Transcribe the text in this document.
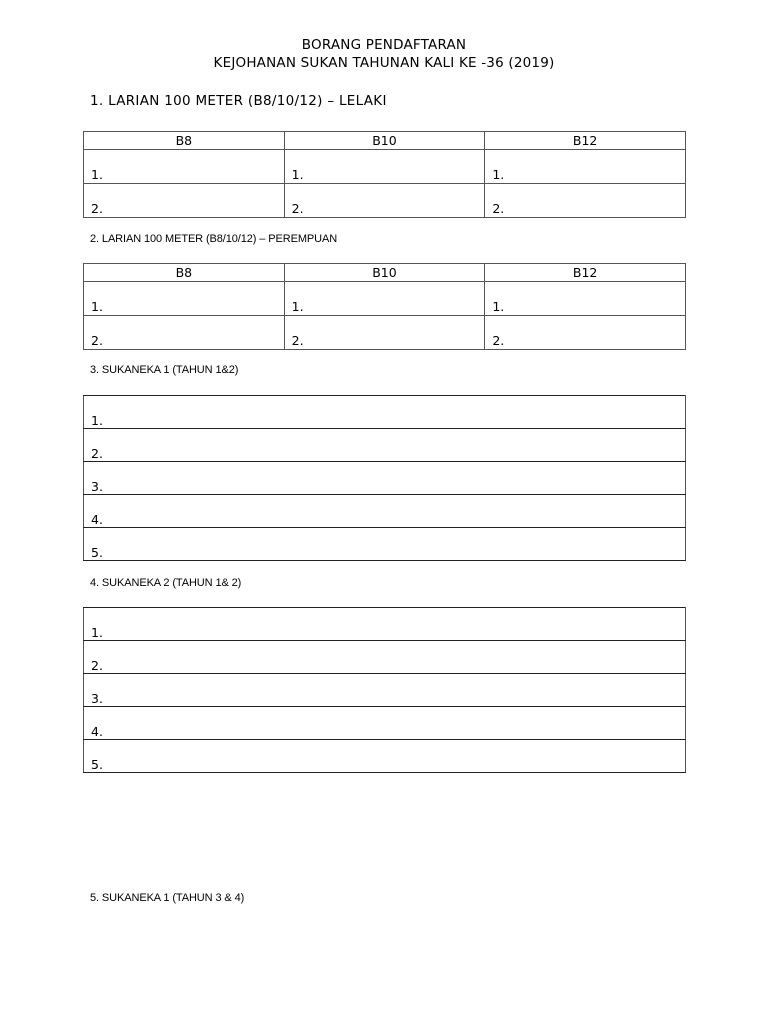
BORANG PENDAFTARAN
KEJOHANAN SUKAN TAHUNAN KALI KE -36 (2019)
1. LARIAN 100 METER (B8/10/12) – LELAKI
B8	B10	B12
1.	1.	1.
2.	2.	2.
2. LARIAN 100 METER (B8/10/12) – PEREMPUAN
B8	B10	B12
1.	1.	1.
2.	2.	2.
3. SUKANEKA 1 (TAHUN 1&2)
1.
2.
3.
4.
5.
4. SUKANEKA 2 (TAHUN 1& 2)
1.
2.
3.
4.
5.
5. SUKANEKA 1 (TAHUN 3 & 4)
